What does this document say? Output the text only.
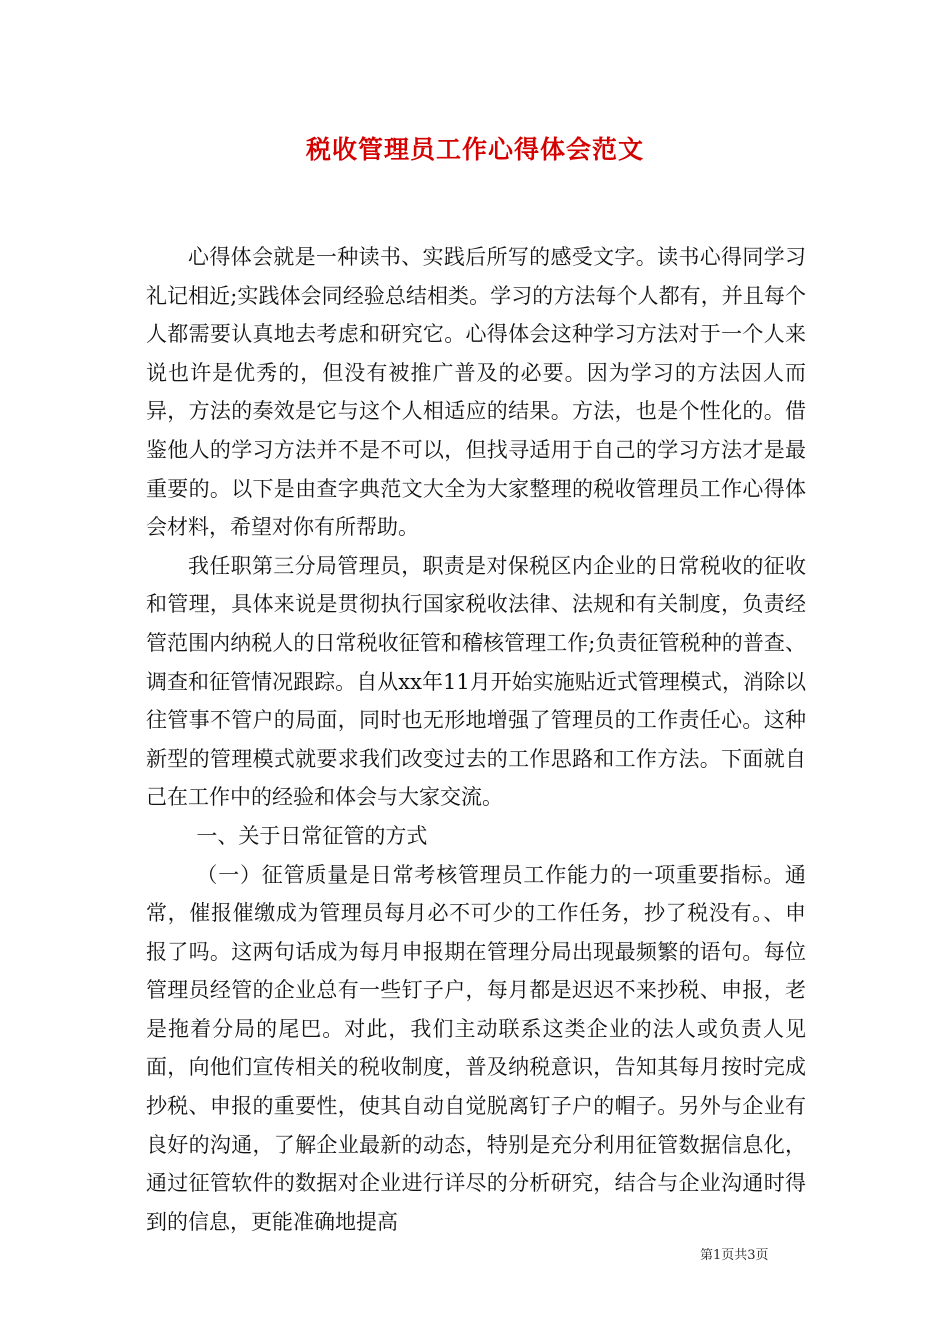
税收管理员工作心得体会范文

心得体会就是一种读书、实践后所写的感受文字。读书心得同学习礼记相近;实践体会同经验总结相类。学习的方法每个人都有，并且每个人都需要认真地去考虑和研究它。心得体会这种学习方法对于一个人来说也许是优秀的，但没有被推广普及的必要。因为学习的方法因人而异，方法的奏效是它与这个人相适应的结果。方法，也是个性化的。借鉴他人的学习方法并不是不可以，但找寻适用于自己的学习方法才是最重要的。以下是由查字典范文大全为大家整理的税收管理员工作心得体会材料，希望对你有所帮助。

我任职第三分局管理员，职责是对保税区内企业的日常税收的征收和管理，具体来说是贯彻执行国家税收法律、法规和有关制度，负责经管范围内纳税人的日常税收征管和稽核管理工作;负责征管税种的普查、调查和征管情况跟踪。自从xx年11月开始实施贴近式管理模式，消除以往管事不管户的局面，同时也无形地增强了管理员的工作责任心。这种新型的管理模式就要求我们改变过去的工作思路和工作方法。下面就自己在工作中的经验和体会与大家交流。

一、关于日常征管的方式

（一）征管质量是日常考核管理员工作能力的一项重要指标。通常，催报催缴成为管理员每月必不可少的工作任务，抄了税没有。、申报了吗。这两句话成为每月申报期在管理分局出现最频繁的语句。每位管理员经管的企业总有一些钉子户，每月都是迟迟不来抄税、申报，老是拖着分局的尾巴。对此，我们主动联系这类企业的法人或负责人见面，向他们宣传相关的税收制度，普及纳税意识，告知其每月按时完成抄税、申报的重要性，使其自动自觉脱离钉子户的帽子。另外与企业有良好的沟通，了解企业最新的动态，特别是充分利用征管数据信息化，通过征管软件的数据对企业进行详尽的分析研究，结合与企业沟通时得到的信息，更能准确地提高

第1页共3页
